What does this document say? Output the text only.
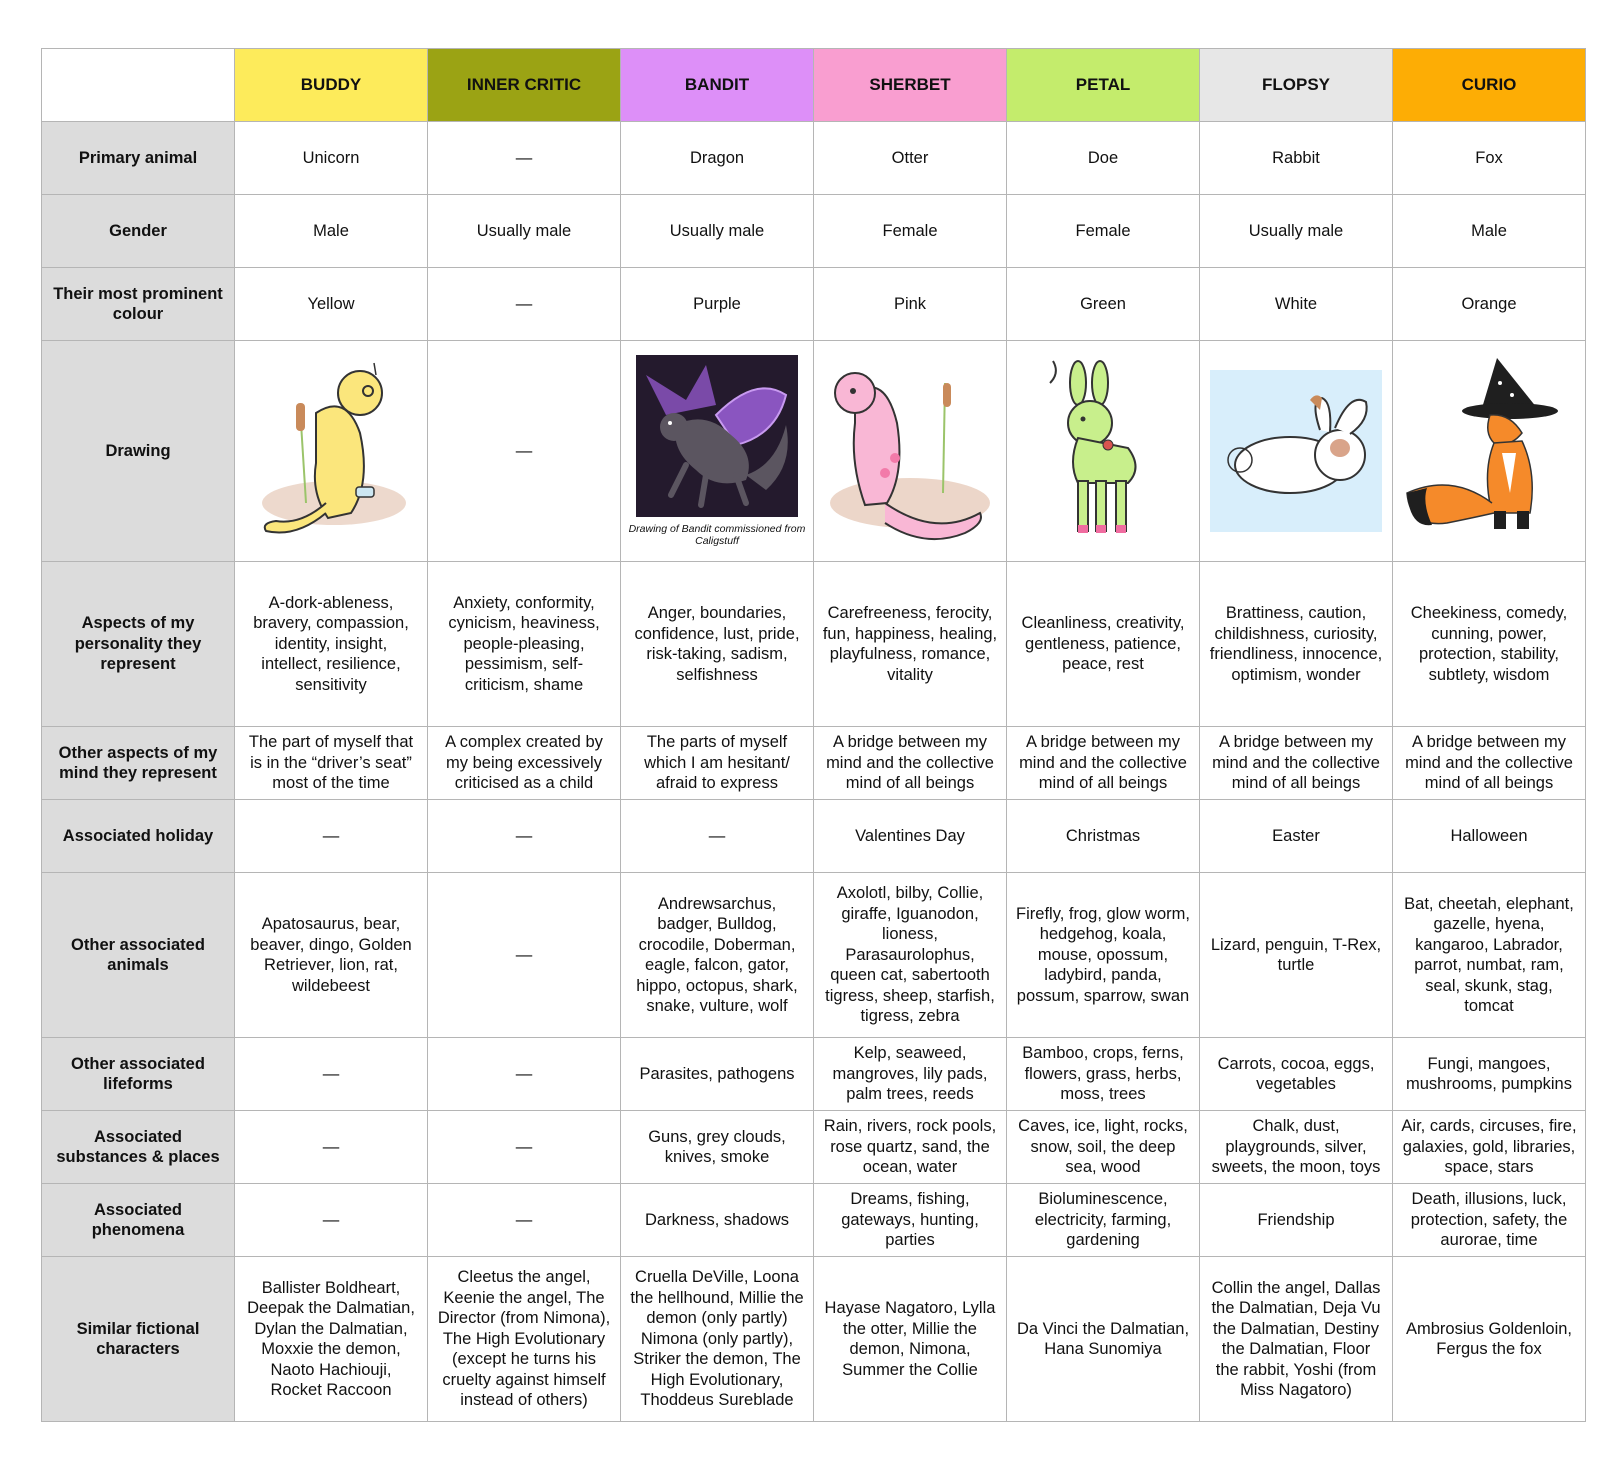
	BUDDY	INNER CRITIC	BANDIT	SHERBET	PETAL	FLOPSY	CURIO
Primary animal	Unicorn	—	Dragon	Otter	Doe	Rabbit	Fox
Gender	Male	Usually male	Usually male	Female	Female	Usually male	Male
Their most prominent colour	Yellow	—	Purple	Pink	Green	White	Orange
Drawing		—	Drawing of Bandit commissioned from Caligstuff

Aspects of my personality they represent	A-dork-ableness, bravery, compassion, identity, insight, intellect, resilience, sensitivity	Anxiety, conformity, cynicism, heaviness, people-pleasing, pessimism, self-criticism, shame	Anger, boundaries, confidence, lust, pride, risk-taking, sadism, selfishness	Carefreeness, ferocity, fun, happiness, healing, playfulness, romance, vitality	Cleanliness, creativity, gentleness, patience, peace, rest	Brattiness, caution, childishness, curiosity, friendliness, innocence, optimism, wonder	Cheekiness, comedy, cunning, power, protection, stability, subtlety, wisdom
Other aspects of my mind they represent	The part of myself that is in the “driver’s seat” most of the time	A complex created by my being excessively criticised as a child	The parts of myself which I am hesitant/ afraid to express	A bridge between my mind and the collective mind of all beings	A bridge between my mind and the collective mind of all beings	A bridge between my mind and the collective mind of all beings	A bridge between my mind and the collective mind of all beings
Associated holiday	—	—	—	Valentines Day	Christmas	Easter	Halloween
Other associated animals	Apatosaurus, bear, beaver, dingo, Golden Retriever, lion, rat, wildebeest	—	Andrewsarchus, badger, Bulldog, crocodile, Doberman, eagle, falcon, gator, hippo, octopus, shark, snake, vulture, wolf	Axolotl, bilby, Collie, giraffe, Iguanodon, lioness, Parasaurolophus, queen cat, sabertooth tigress, sheep, starfish, tigress, zebra	Firefly, frog, glow worm, hedgehog, koala, mouse, opossum, ladybird, panda, possum, sparrow, swan	Lizard, penguin, T-Rex, turtle	Bat, cheetah, elephant, gazelle, hyena, kangaroo, Labrador, parrot, numbat, ram, seal, skunk, stag, tomcat
Other associated lifeforms	—	—	Parasites, pathogens	Kelp, seaweed, mangroves, lily pads, palm trees, reeds	Bamboo, crops, ferns, flowers, grass, herbs, moss, trees	Carrots, cocoa, eggs, vegetables	Fungi, mangoes, mushrooms, pumpkins
Associated substances & places	—	—	Guns, grey clouds, knives, smoke	Rain, rivers, rock pools, rose quartz, sand, the ocean, water	Caves, ice, light, rocks, snow, soil, the deep sea, wood	Chalk, dust, playgrounds, silver, sweets, the moon, toys	Air, cards, circuses, fire, galaxies, gold, libraries, space, stars
Associated phenomena	—	—	Darkness, shadows	Dreams, fishing, gateways, hunting, parties	Bioluminescence, electricity, farming, gardening	Friendship	Death, illusions, luck, protection, safety, the aurorae, time
Similar fictional characters	Ballister Boldheart, Deepak the Dalmatian, Dylan the Dalmatian, Moxxie the demon, Naoto Hachiouji, Rocket Raccoon	Cleetus the angel, Keenie the angel, The Director (from Nimona), The High Evolutionary (except he turns his cruelty against himself instead of others)	Cruella DeVille, Loona the hellhound, Millie the demon (only partly) Nimona (only partly), Striker the demon, The High Evolutionary, Thoddeus Sureblade	Hayase Nagatoro, Lylla the otter, Millie the demon, Nimona, Summer the Collie	Da Vinci the Dalmatian, Hana Sunomiya	Collin the angel, Dallas the Dalmatian, Deja Vu the Dalmatian, Destiny the Dalmatian, Floor the rabbit, Yoshi (from Miss Nagatoro)	Ambrosius Goldenloin, Fergus the fox
